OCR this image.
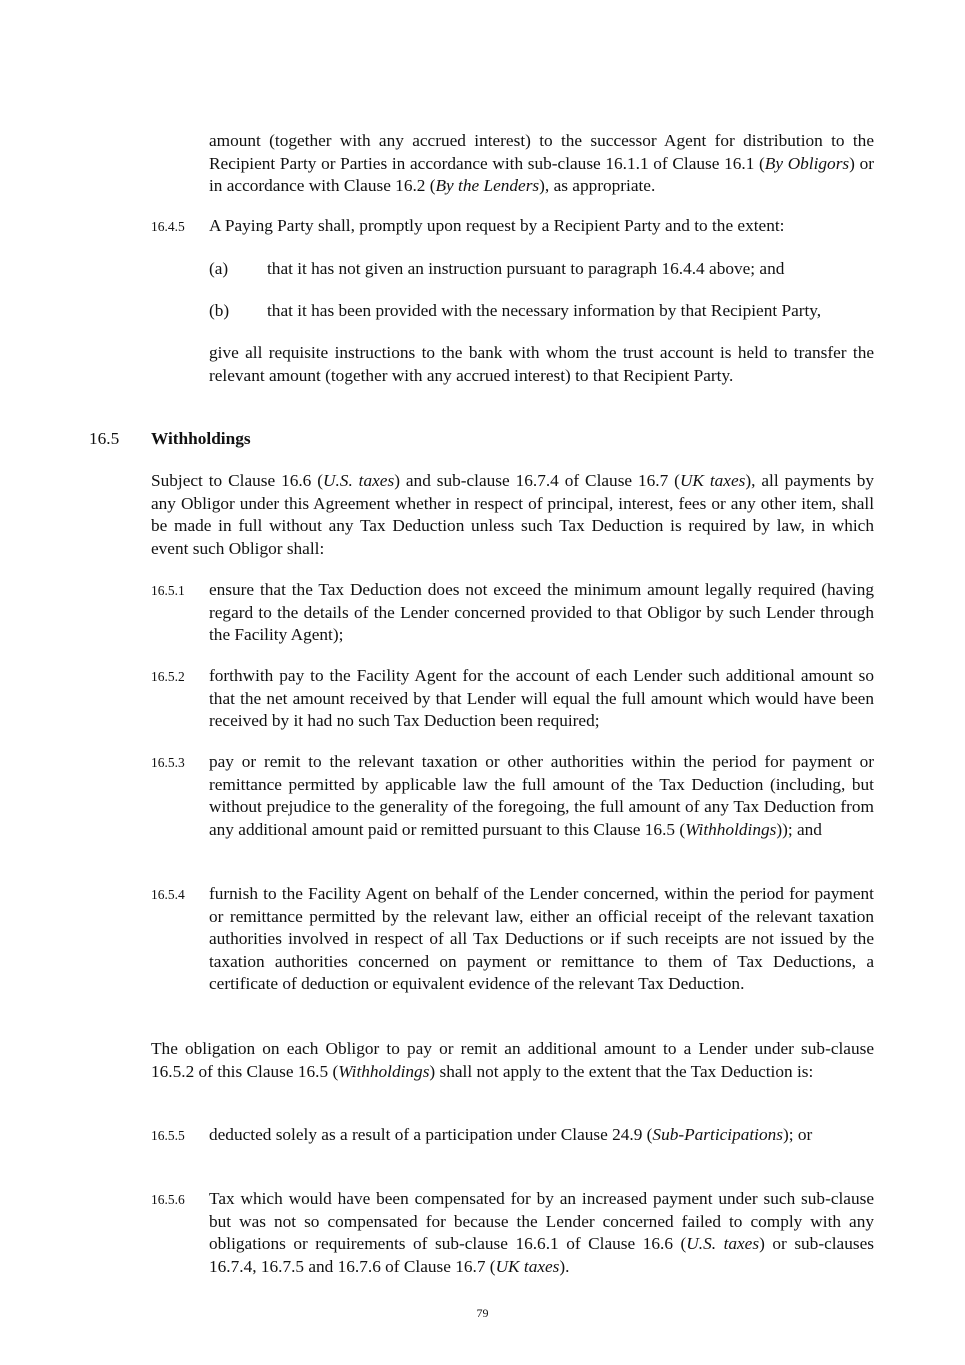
amount (together with any accrued interest) to the successor Agent for distribution to the Recipient Party or Parties in accordance with sub-clause 16.1.1 of Clause 16.1 (By Obligors) or in accordance with Clause 16.2 (By the Lenders), as appropriate.

16.4.5 A Paying Party shall, promptly upon request by a Recipient Party and to the extent:

(a) that it has not given an instruction pursuant to paragraph 16.4.4 above; and

(b) that it has been provided with the necessary information by that Recipient Party,

give all requisite instructions to the bank with whom the trust account is held to transfer the relevant amount (together with any accrued interest) to that Recipient Party.

16.5 Withholdings

Subject to Clause 16.6 (U.S. taxes) and sub-clause 16.7.4 of Clause 16.7 (UK taxes), all payments by any Obligor under this Agreement whether in respect of principal, interest, fees or any other item, shall be made in full without any Tax Deduction unless such Tax Deduction is required by law, in which event such Obligor shall:

16.5.1 ensure that the Tax Deduction does not exceed the minimum amount legally required (having regard to the details of the Lender concerned provided to that Obligor by such Lender through the Facility Agent);

16.5.2 forthwith pay to the Facility Agent for the account of each Lender such additional amount so that the net amount received by that Lender will equal the full amount which would have been received by it had no such Tax Deduction been required;

16.5.3 pay or remit to the relevant taxation or other authorities within the period for payment or remittance permitted by applicable law the full amount of the Tax Deduction (including, but without prejudice to the generality of the foregoing, the full amount of any Tax Deduction from any additional amount paid or remitted pursuant to this Clause 16.5 (Withholdings)); and

16.5.4 furnish to the Facility Agent on behalf of the Lender concerned, within the period for payment or remittance permitted by the relevant law, either an official receipt of the relevant taxation authorities involved in respect of all Tax Deductions or if such receipts are not issued by the taxation authorities concerned on payment or remittance to them of Tax Deductions, a certificate of deduction or equivalent evidence of the relevant Tax Deduction.

The obligation on each Obligor to pay or remit an additional amount to a Lender under sub-clause 16.5.2 of this Clause 16.5 (Withholdings) shall not apply to the extent that the Tax Deduction is:

16.5.5 deducted solely as a result of a participation under Clause 24.9 (Sub-Participations); or

16.5.6 Tax which would have been compensated for by an increased payment under such sub-clause but was not so compensated for because the Lender concerned failed to comply with any obligations or requirements of sub-clause 16.6.1 of Clause 16.6 (U.S. taxes) or sub-clauses 16.7.4, 16.7.5 and 16.7.6 of Clause 16.7 (UK taxes).

79
